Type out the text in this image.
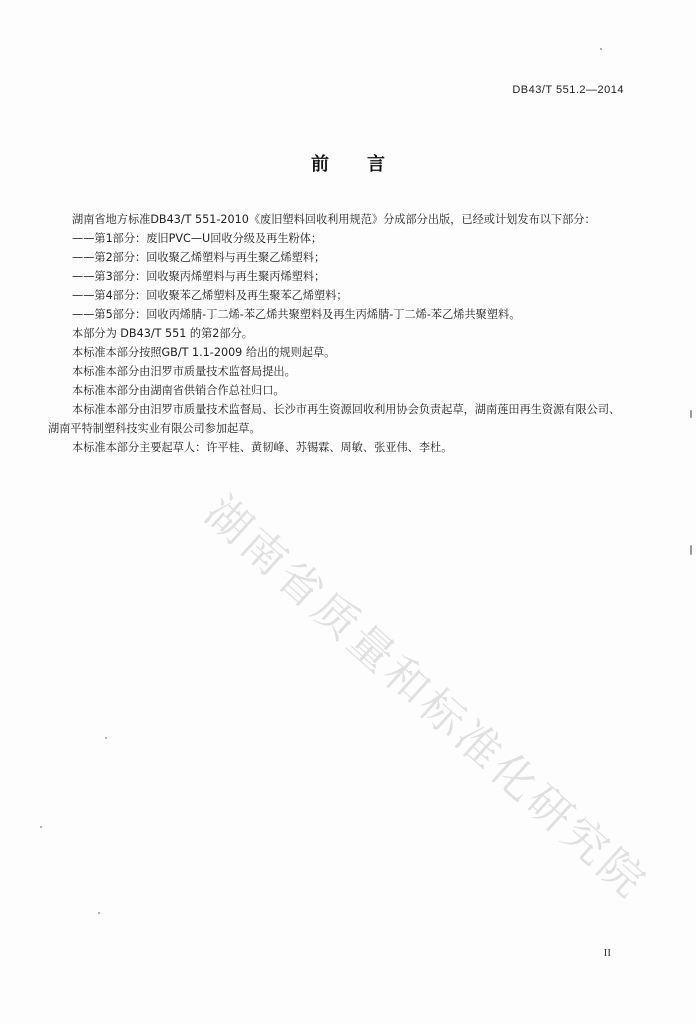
DB43/T 551.2—2014
前言

湖南省地方标准DB43/T 551-2010《废旧塑料回收利用规范》分成部分出版，已经或计划发布以下部分：

——第1部分：废旧PVC—U回收分级及再生粉体；

——第2部分：回收聚乙烯塑料与再生聚乙烯塑料；

——第3部分：回收聚丙烯塑料与再生聚丙烯塑料；

——第4部分：回收聚苯乙烯塑料及再生聚苯乙烯塑料；

——第5部分：回收丙烯腈-丁二烯-苯乙烯共聚塑料及再生丙烯腈-丁二烯-苯乙烯共聚塑料。

本部分为 DB43/T 551 的第2部分。

本标准本部分按照GB/T 1.1-2009 给出的规则起草。

本标准本部分由汨罗市质量技术监督局提出。

本标准本部分由湖南省供销合作总社归口。

本标准本部分由汨罗市质量技术监督局、长沙市再生资源回收利用协会负责起草，湖南莲田再生资源有限公司、湖南平特制塑科技实业有限公司参加起草。

本标准本部分主要起草人：许平桂、黄韧峰、苏锡霖、周敏、张亚伟、李杜。

湖南省质量和标准化研究院
II
